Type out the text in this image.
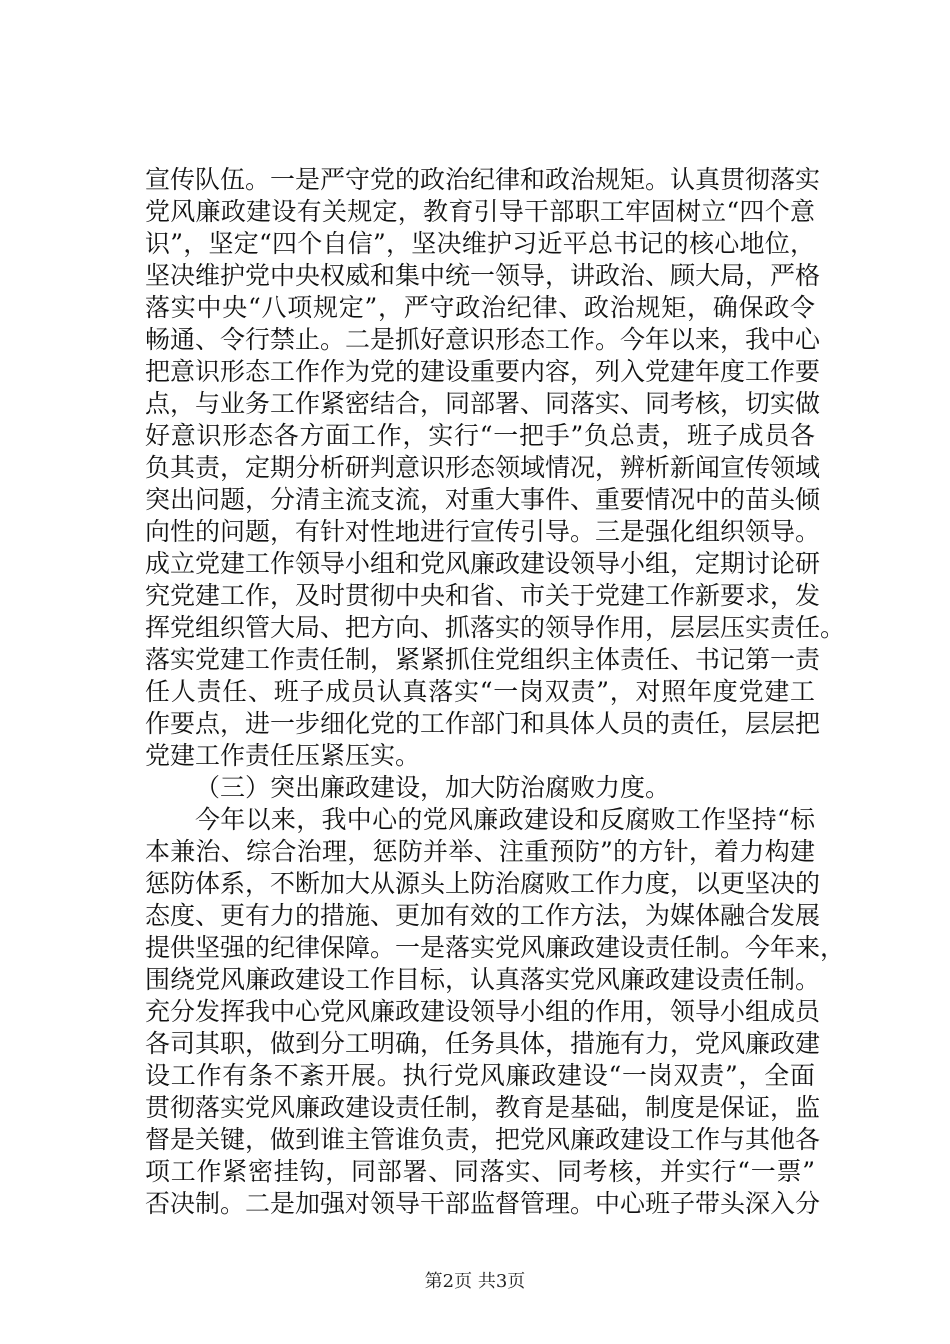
宣传队伍。一是严守党的政治纪律和政治规矩。认真贯彻落实
党风廉政建设有关规定，教育引导干部职工牢固树立“四个意
识”，坚定“四个自信”，坚决维护习近平总书记的核心地位，
坚决维护党中央权威和集中统一领导，讲政治、顾大局，严格
落实中央“八项规定”，严守政治纪律、政治规矩，确保政令
畅通、令行禁止。二是抓好意识形态工作。今年以来，我中心
把意识形态工作作为党的建设重要内容，列入党建年度工作要
点，与业务工作紧密结合，同部署、同落实、同考核，切实做
好意识形态各方面工作，实行“一把手”负总责，班子成员各
负其责，定期分析研判意识形态领域情况，辨析新闻宣传领域
突出问题，分清主流支流，对重大事件、重要情况中的苗头倾
向性的问题，有针对性地进行宣传引导。三是强化组织领导。
成立党建工作领导小组和党风廉政建设领导小组，定期讨论研
究党建工作，及时贯彻中央和省、市关于党建工作新要求，发
挥党组织管大局、把方向、抓落实的领导作用，层层压实责任。
落实党建工作责任制，紧紧抓住党组织主体责任、书记第一责
任人责任、班子成员认真落实“一岗双责”，对照年度党建工
作要点，进一步细化党的工作部门和具体人员的责任，层层把
党建工作责任压紧压实。
（三）突出廉政建设，加大防治腐败力度。
今年以来，我中心的党风廉政建设和反腐败工作坚持“标
本兼治、综合治理，惩防并举、注重预防”的方针，着力构建
惩防体系，不断加大从源头上防治腐败工作力度，以更坚决的
态度、更有力的措施、更加有效的工作方法，为媒体融合发展
提供坚强的纪律保障。一是落实党风廉政建设责任制。今年来，
围绕党风廉政建设工作目标，认真落实党风廉政建设责任制。
充分发挥我中心党风廉政建设领导小组的作用，领导小组成员
各司其职，做到分工明确，任务具体，措施有力，党风廉政建
设工作有条不紊开展。执行党风廉政建设“一岗双责”，全面
贯彻落实党风廉政建设责任制，教育是基础，制度是保证，监
督是关键，做到谁主管谁负责，把党风廉政建设工作与其他各
项工作紧密挂钩，同部署、同落实、同考核，并实行“一票”
否决制。二是加强对领导干部监督管理。中心班子带头深入分
第2页 共3页
